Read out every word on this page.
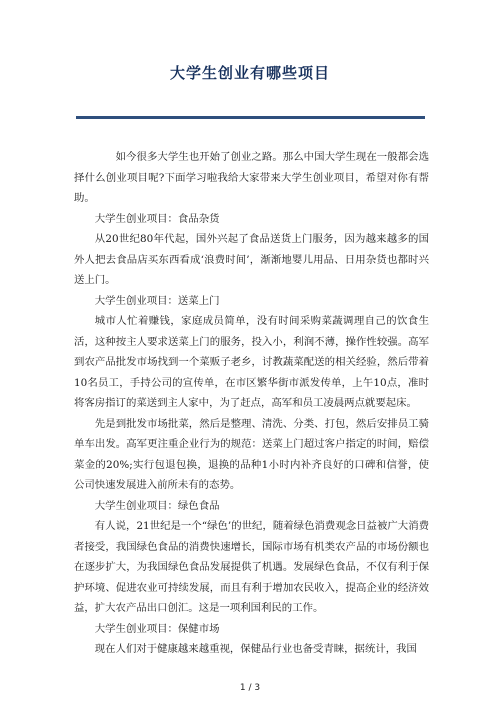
大学生创业有哪些项目

如今很多大学生也开始了创业之路。那么中国大学生现在一般都会选择什么创业项目呢?下面学习啦我给大家带来大学生创业项目，希望对你有帮助。

大学生创业项目：食品杂货

从20世纪80年代起，国外兴起了食品送货上门服务，因为越来越多的国外人把去食品店买东西看成‘浪费时间’，渐渐地婴儿用品、日用杂货也都时兴送上门。

大学生创业项目：送菜上门

城市人忙着赚钱，家庭成员简单，没有时间采购菜蔬调理自己的饮食生活，这种按主人要求送菜上门的服务，投入小，利润不薄，操作性较强。高军到农产品批发市场找到一个菜贩子老乡，讨教蔬菜配送的相关经验，然后带着10名员工，手持公司的宣传单，在市区繁华街市派发传单，上午10点，准时将客房指订的菜送到主人家中，为了赶点，高军和员工凌晨两点就要起床。

先是到批发市场批菜，然后是整理、清洗、分类、打包，然后安排员工骑单车出发。高军更注重企业行为的规范：送菜上门超过客户指定的时间，赔偿菜金的20%;实行包退包换，退换的品种1小时内补齐良好的口碑和信誉，使公司快速发展进入前所未有的态势。

大学生创业项目：绿色食品

有人说，21世纪是一个“绿色’的世纪，随着绿色消费观念日益被广大消费者接受，我国绿色食品的消费快速增长，国际市场有机类农产品的市场份额也在逐步扩大，为我国绿色食品发展提供了机遇。发展绿色食品，不仅有利于保护环境、促进农业可持续发展，而且有利于增加农民收入，提高企业的经济效益，扩大农产品出口创汇。这是一项利国利民的工作。

大学生创业项目：保健市场

现在人们对于健康越来越重视，保健品行业也备受青睐，据统计，我国

1 / 3
